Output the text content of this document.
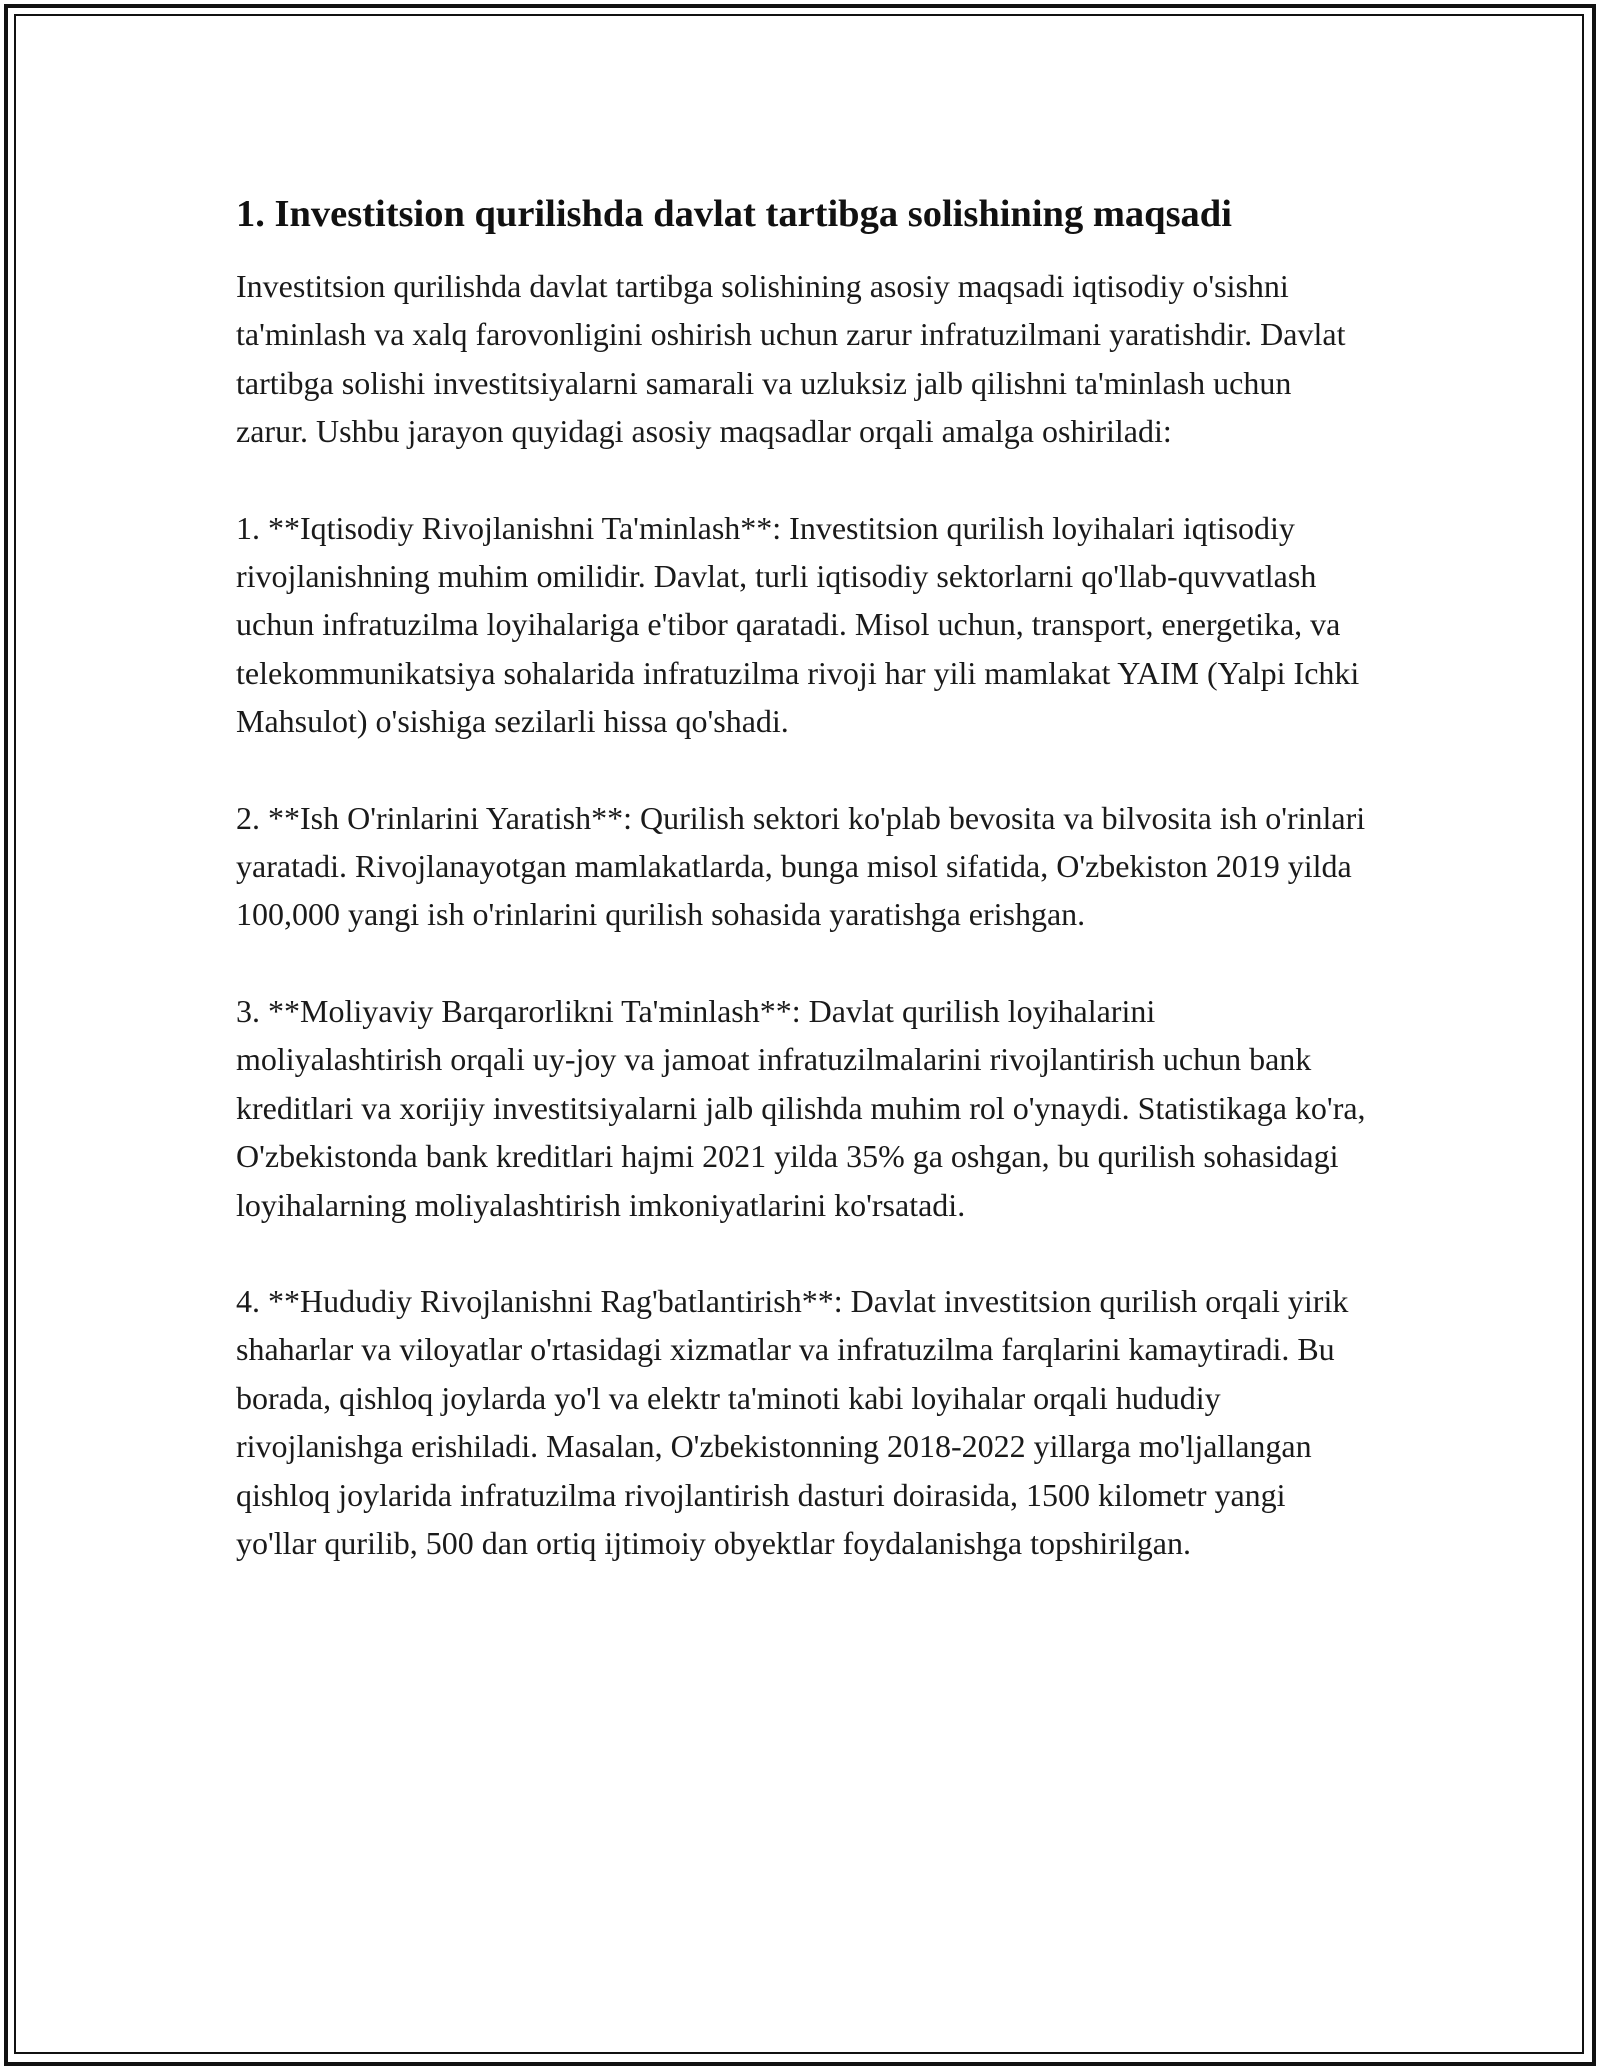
1. Investitsion qurilishda davlat tartibga solishining maqsadi

Investitsion qurilishda davlat tartibga solishining asosiy maqsadi iqtisodiy o'sishni ta'minlash va xalq farovonligini oshirish uchun zarur infratuzilmani yaratishdir. Davlat tartibga solishi investitsiyalarni samarali va uzluksiz jalb qilishni ta'minlash uchun zarur. Ushbu jarayon quyidagi asosiy maqsadlar orqali amalga oshiriladi:

1. **Iqtisodiy Rivojlanishni Ta'minlash**: Investitsion qurilish loyihalari iqtisodiy rivojlanishning muhim omilidir. Davlat, turli iqtisodiy sektorlarni qo'llab-quvvatlash uchun infratuzilma loyihalariga e'tibor qaratadi. Misol uchun, transport, energetika, va telekommunikatsiya sohalarida infratuzilma rivoji har yili mamlakat YAIM (Yalpi Ichki Mahsulot) o'sishiga sezilarli hissa qo'shadi.

2. **Ish O'rinlarini Yaratish**: Qurilish sektori ko'plab bevosita va bilvosita ish o'rinlari yaratadi. Rivojlanayotgan mamlakatlarda, bunga misol sifatida, O'zbekiston 2019 yilda 100,000 yangi ish o'rinlarini qurilish sohasida yaratishga erishgan.

3. **Moliyaviy Barqarorlikni Ta'minlash**: Davlat qurilish loyihalarini moliyalashtirish orqali uy-joy va jamoat infratuzilmalarini rivojlantirish uchun bank kreditlari va xorijiy investitsiyalarni jalb qilishda muhim rol o'ynaydi. Statistikaga ko'ra, O'zbekistonda bank kreditlari hajmi 2021 yilda 35% ga oshgan, bu qurilish sohasidagi loyihalarning moliyalashtirish imkoniyatlarini ko'rsatadi.

4. **Hududiy Rivojlanishni Rag'batlantirish**: Davlat investitsion qurilish orqali yirik shaharlar va viloyatlar o'rtasidagi xizmatlar va infratuzilma farqlarini kamaytiradi. Bu borada, qishloq joylarda yo'l va elektr ta'minoti kabi loyihalar orqali hududiy rivojlanishga erishiladi. Masalan, O'zbekistonning 2018-2022 yillarga mo'ljallangan qishloq joylarida infratuzilma rivojlantirish dasturi doirasida, 1500 kilometr yangi yo'llar qurilib, 500 dan ortiq ijtimoiy obyektlar foydalanishga topshirilgan.
